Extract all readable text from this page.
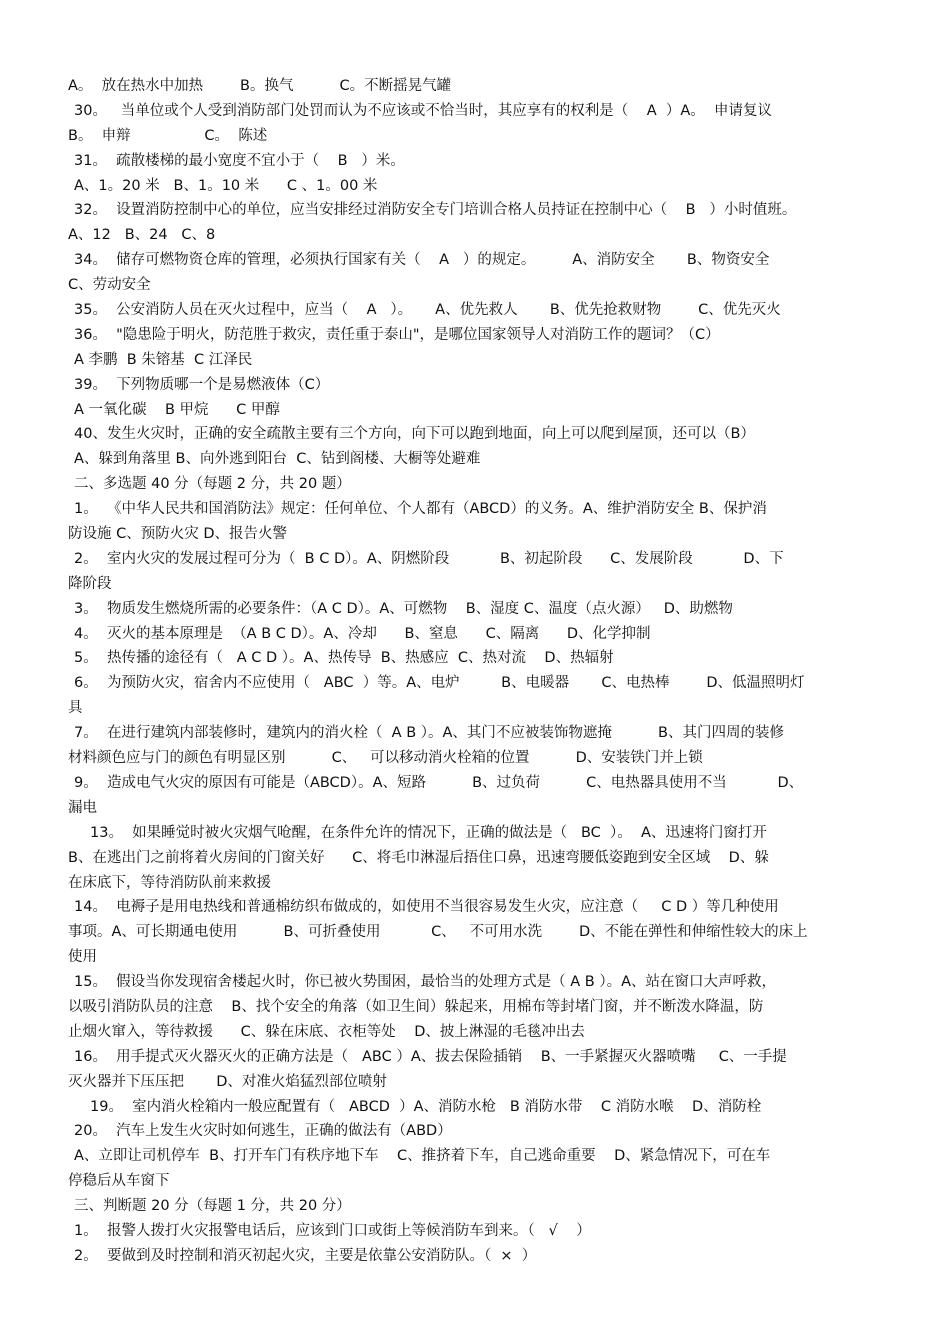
A。  放在热水中加热        B。换气          C。不断摇晃气罐
30。   当单位或个人受到消防部门处罚而认为不应该或不恰当时，其应享有的权利是（    A  ）A。  申请复议
B。  申辩                C。  陈述
31。  疏散楼梯的最小宽度不宜小于（    B   ）米。
A、1。20 米   B、1。10 米      C 、1。00 米
32。  设置消防控制中心的单位，应当安排经过消防安全专门培训合格人员持证在控制中心（    B   ）小时值班。
A、12   B、24   C、8
34。  储存可燃物资仓库的管理，必须执行国家有关（    A   ）的规定。        A、消防安全       B、物资安全
C、劳动安全
35。  公安消防人员在灭火过程中，应当（    A   ）。     A、优先救人       B、优先抢救财物        C、优先灭火
36。  "隐患险于明火，防范胜于救灾，责任重于泰山"，是哪位国家领导人对消防工作的题词？（C）
A 李鹏  B 朱镕基  C 江泽民
39。  下列物质哪一个是易燃液体（C）
A 一氧化碳    B 甲烷      C 甲醇
40、发生火灾时，正确的安全疏散主要有三个方向，向下可以跑到地面，向上可以爬到屋顶，还可以（B）
A、躲到角落里 B、向外逃到阳台  C、钻到阁楼、大橱等处避难
二、多选题 40 分（每题 2 分，共 20 题）
1。  《中华人民共和国消防法》规定：任何单位、个人都有（ABCD）的义务。A、维护消防安全 B、保护消
防设施 C、预防火灾 D、报告火警
2。  室内火灾的发展过程可分为（  B C D）。A、阴燃阶段           B、初起阶段      C、发展阶段           D、下
降阶段
3。  物质发生燃烧所需的必要条件：（A C D）。A、可燃物    B、湿度 C、温度（点火源）   D、助燃物
4。  灭火的基本原理是  （A B C D）。A、冷却      B、窒息      C、隔离      D、化学抑制
5。  热传播的途径有（   A C D ）。A、热传导  B、热感应  C、热对流    D、热辐射
6。  为预防火灾，宿舍内不应使用（   ABC  ）等。A、电炉         B、电暖器       C、电热棒        D、低温照明灯
具
7。  在进行建筑内部装修时，建筑内的消火栓（  A B ）。A、其门不应被装饰物遮掩          B、其门四周的装修
材料颜色应与门的颜色有明显区别          C、   可以移动消火栓箱的位置          D、安装铁门并上锁
9。  造成电气火灾的原因有可能是（ABCD）。A、短路          B、过负荷          C、电热器具使用不当           D、
漏电
13。  如果睡觉时被火灾烟气呛醒，在条件允许的情况下，正确的做法是（   BC  ）。  A、迅速将门窗打开
B、在逃出门之前将着火房间的门窗关好      C、将毛巾淋湿后捂住口鼻，迅速弯腰低姿跑到安全区域    D、躲
在床底下，等待消防队前来救援
14。  电褥子是用电热线和普通棉纺织布做成的，如使用不当很容易发生火灾，应注意（     C D ）等几种使用
事项。A、可长期通电使用          B、可折叠使用           C、   不可用水洗        D、不能在弹性和伸缩性较大的床上
使用
15。  假设当你发现宿舍楼起火时，你已被火势围困，最恰当的处理方式是（ A B ）。A、站在窗口大声呼救，
以吸引消防队员的注意    B、找个安全的角落（如卫生间）躲起来，用棉布等封堵门窗，并不断泼水降温，防
止烟火窜入，等待救援      C、躲在床底、衣柜等处    D、披上淋湿的毛毯冲出去
16。  用手提式灭火器灭火的正确方法是（   ABC ）A、拔去保险插销    B、一手紧握灭火器喷嘴     C、一手提
灭火器并下压压把       D、对准火焰猛烈部位喷射
19。  室内消火栓箱内一般应配置有（   ABCD  ）A、消防水枪   B 消防水带    C 消防水喉    D、消防栓
20。  汽车上发生火灾时如何逃生，正确的做法有（ABD）
A、立即让司机停车  B、打开车门有秩序地下车    C、推挤着下车，自己逃命重要    D、紧急情况下，可在车
停稳后从车窗下
三、判断题 20 分（每题 1 分，共 20 分）
1。  报警人拨打火灾报警电话后，应该到门口或街上等候消防车到来。（   √    ）
2。  要做到及时控制和消灭初起火灾，主要是依靠公安消防队。（  ×  ）
